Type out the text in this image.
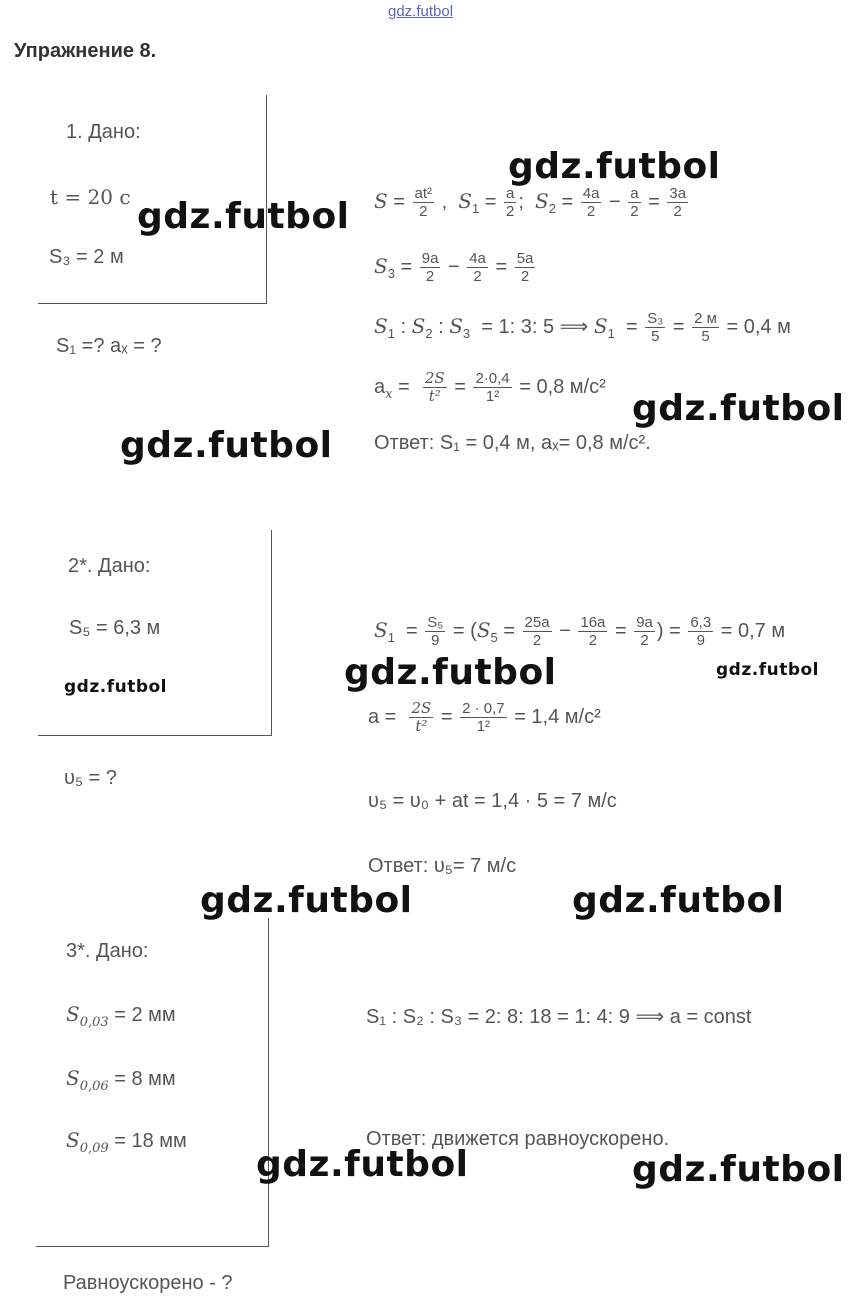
gdz.futbol
Упражнение 8.
1. Дано:
t = 20 с
S₃ = 2 м
S₁ =? aₓ = ?
$S = \frac{\text{at²}}{2}$ ,  $S_1 = \frac{a}{2}$ ;  $S_2 = \frac{4a}{2} - \frac{a}{2} = \frac{3a}{2}$
$S_3 = \frac{9a}{2} - \frac{4a}{2} = \frac{5a}{2}$
$S_1$ : $S_2$ : $S_3 = 1$: 3: 5 ⟹ $S_1 = \frac{\text{S₃}}{5} = \frac{2 м}{5} = 0,4$ м
$a_x = \frac{2S}{\text{t²}} = \frac{2\cdot 0,4}{\text{1²}} = 0,8$ м/с²
Ответ: S₁ = 0,4 м, aₓ= 0,8 м/с².
2*. Дано:
S₅ = 6,3 м
υ₅ = ?
$S_1 = \frac{\text{S₅}}{9} = (S_5 = \frac{25a}{2} - \frac{16a}{2} = \frac{9a}{2}$ ) = $\frac{6,3}{9} = 0,7$ м
$a = \frac{2S}{\text{t²}} = \frac{2 \cdot 0,7}{\text{1²}} = 1,4$ м/с²
υ₅ = υ₀ + at = 1,4 · 5 = 7 м/с
Ответ: υ₅= 7 м/с
3*. Дано:
$S_{0,03} = 2$ мм
$S_{0,06} = 8$ мм
$S_{0,09} = 18$ мм
Равноускорено - ?
S₁ : S₂ : S₃ = 2: 8: 18 = 1: 4: 9 ⟹ a = const
Ответ: движется равноускорено.
gdz.futbol
gdz.futbol
gdz.futbol
gdz.futbol
gdz.futbol	gdz.futbol
gdz.futbol
gdz.futbol	gdz.futbol
gdz.futbol	gdz.futbol
